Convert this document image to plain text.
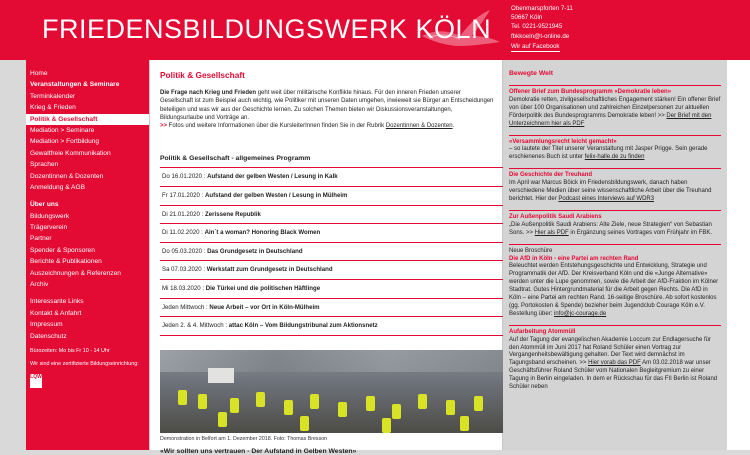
FRIEDENSBILDUNGSWERK KÖLN
Obenmarspforten 7-11
50667 Köln
Tel. 0221-9521945
fbkkoeln@t-online.de
Wir auf Facebook
Home
Veranstaltungen & Seminare
Terminkalender
Krieg & Frieden
Politik & Gesellschaft
Mediation > Seminare
Mediation > Fortbildung
Gewaltfreie Kommunikation
Sprachen
Dozentinnen & Dozenten
Anmeldung & AGB
Über uns
Bildungswerk
Trägerverein
Partner
Spender & Sponsoren
Berichte & Publikationen
Auszeichnungen & Referenzen
Archiv
Interessante Links
Kontakt & Anfahrt
Impressum
Datenschutz
Bürozeiten: Mo bis Fr 10 - 14 Uhr
Wir sind eine zertifizierte Bildungseinrichtung:
LQW
Politik & Gesellschaft

Die Frage nach Krieg und Frieden geht weit über militärische Konflikte hinaus. Für den inneren Frieden unserer Gesellschaft ist zum Beispiel auch wichtig, wie Politiker mit unseren Daten umgehen, inwieweit sie Bürger an Entscheidungen beteiligen und was wir aus der Geschichte lernen. Zu solchen Themen bieten wir Diskussionsveranstaltungen, Bildungsurlaube und Vorträge an.
>> Fotos und weitere Informationen über die KursleiterInnen finden Sie in der Rubrik Dozentinnen & Dozenten.

Politik & Gesellschaft - allgemeines Programm
Do 16.01.2020 : Aufstand der gelben Westen / Lesung in Kalk
Fr 17.01.2020 : Aufstand der gelben Westen / Lesung in Mülheim
Di 21.01.2020 : Zerissene Republik
Di 11.02.2020 : Ain´t a woman? Honoring Black Women
Do 05.03.2020 : Das Grundgesetz in Deutschland
Sa 07.03.2020 : Werkstatt zum Grundgesetz in Deutschland
Mi 18.03.2020 : Die Türkei und die politischen Häftlinge
Jeden Mittwoch : Neue Arbeit – vor Ort in Köln-Mülheim
Jeden 2. & 4. Mittwoch : attac Köln – Vom Bildungstribunal zum Aktionsnetz
Demonstration in Belfort am 1. Dezember 2018. Foto: Thomas Bresson
«Wir sollten uns vertrauen - Der Aufstand in Gelben Westen»
Bewegte Welt
Offener Brief zum Bundesprogramm «Demokratie leben»
Demokratie retten, zivilgesellschaftliches Engagement stärken! Ein offener Brief von über 100 Organisationen und zahlreichen Einzelpersonen zur aktuellen Förderpolitik des Bundesprogramms Demokratie leben! >> Der Brief mit den Unterzeichnern hier als PDF
«Versammlungsrecht leicht gemacht»
– so lautete der Titel unserer Veranstaltung mit Jasper Prigge. Sein gerade erschienenes Buch ist unter felix-halle.de zu finden
Die Geschichte der Treuhand
Im April war Marcus Böick im Friedensbildungswerk, danach haben verschiedene Medien über seine wissenschaftliche Arbeit über die Treuhand berichtet. Hier der Podcast eines Interviews auf WDR3
Zur Außenpolitik Saudi Arabiens
„Die Außenpolitik Saudi Arabiens: Alte Ziele, neue Strategien“ von Sebastian Sons. >> Hier als PDF in Ergänzung seines Vortrages vom Frühjahr im FBK.
Neue Broschüre
Die AfD in Köln - eine Partei am rechten Rand
Beleuchtet werden Entstehungsgeschichte und Entwicklung, Strategie und Programmatik der AfD. Der Kreisverband Köln und die «Junge Alternative» werden unter die Lupe genommen, sowie die Arbeit der AfD-Fraktion im Kölner Stadtrat. Gutes Hintergrundmaterial für die Arbeit gegen Rechts. Die AfD in Köln – eine Partei am rechten Rand. 16-seitige Broschüre. Ab sofort kostenlos (gg. Portokosten & Spende) bezieher beim Jugendclub Courage Köln e.V. Bestellung über: info@jc-courage.de
Aufarbeitung Atommüll
Auf der Tagung der evangelischen Akademie Loccum zur Endlagersuche für den Atommüll im Juni 2017 hat Roland Schüler einen Vortrag zur Vergangenheitsbewältigung gehalten. Der Text wird demnächst im Tagungsband erscheinen. >> Hier vorab das PDF Am 03.02.2018 war unser Geschäftsführer Roland Schüler vom Nationalen Begleitgremium zu einer Tagung in Berlin eingeladen. In dem er Rückschau für das FII Berlin ist Roland Schüler neben
